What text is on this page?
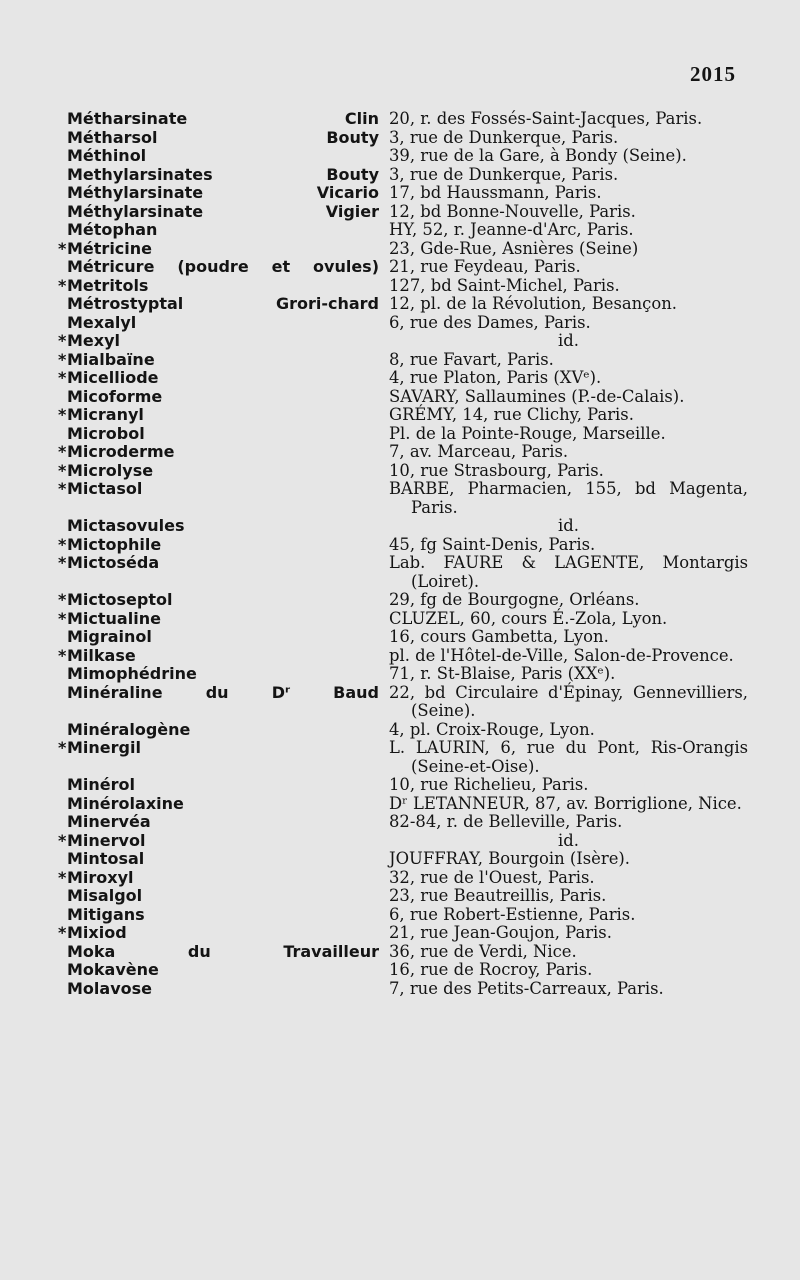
2015
Métharsinate Clin 20, r. des Fossés-Saint-Jacques, Paris.
Métharsol Bouty 3, rue de Dunkerque, Paris.
Méthinol	39, rue de la Gare, à Bondy (Seine).
Methylarsinates Bouty 3, rue de Dunkerque, Paris.
Méthylarsinate Vicario 17, bd Haussmann, Paris.
Méthylarsinate Vigier 12, bd Bonne-Nouvelle, Paris.
Métophan	HY, 52, r. Jeanne-d'Arc, Paris.
*Métricine	23, Gde-Rue, Asnières (Seine)
Métricure (poudre et ovules) 21, rue Feydeau, Paris.
*Metritols	127, bd Saint-Michel, Paris.
Métrostyptal Grori-chard 12, pl. de la Révolution, Besançon.
Mexalyl	6, rue des Dames, Paris.
*Mexyl	id.
*Mialbaïne	8, rue Favart, Paris.
*Micelliode	4, rue Platon, Paris (XVᵉ).
Micoforme	SAVARY, Sallaumines (P.-de-Calais).
*Micranyl	GRÉMY, 14, rue Clichy, Paris.
Microbol	Pl. de la Pointe-Rouge, Marseille.
*Microderme	7, av. Marceau, Paris.
*Microlyse	10, rue Strasbourg, Paris.
*Mictasol	BARBE, Pharmacien, 155, bd Magenta, Paris.
Mictasovules	id.
*Mictophile	45, fg Saint-Denis, Paris.
*Mictoséda	Lab. FAURE & LAGENTE, Montargis (Loiret).
*Mictoseptol	29, fg de Bourgogne, Orléans.
*Mictualine	CLUZEL, 60, cours É.-Zola, Lyon.
Migrainol	16, cours Gambetta, Lyon.
*Milkase	pl. de l'Hôtel-de-Ville, Salon-de-Provence.
Mimophédrine	71, r. St-Blaise, Paris (XXᵉ).
Minéraline du Dʳ Baud 22, bd Circulaire d'Épinay, Gennevilliers, (Seine).
Minéralogène	4, pl. Croix-Rouge, Lyon.
*Minergil	L. LAURIN, 6, rue du Pont, Ris-Orangis (Seine-et-Oise).
Minérol	10, rue Richelieu, Paris.
Minérolaxine	Dʳ LETANNEUR, 87, av. Borriglione, Nice.
Minervéa	82-84, r. de Belleville, Paris.
*Minervol	id.
Mintosal	JOUFFRAY, Bourgoin (Isère).
*Miroxyl	32, rue de l'Ouest, Paris.
Misalgol	23, rue Beautreillis, Paris.
Mitigans	6, rue Robert-Estienne, Paris.
*Mixiod	21, rue Jean-Goujon, Paris.
Moka du Travailleur 36, rue de Verdi, Nice.
Mokavène	16, rue de Rocroy, Paris.
Molavose	7, rue des Petits-Carreaux, Paris.
